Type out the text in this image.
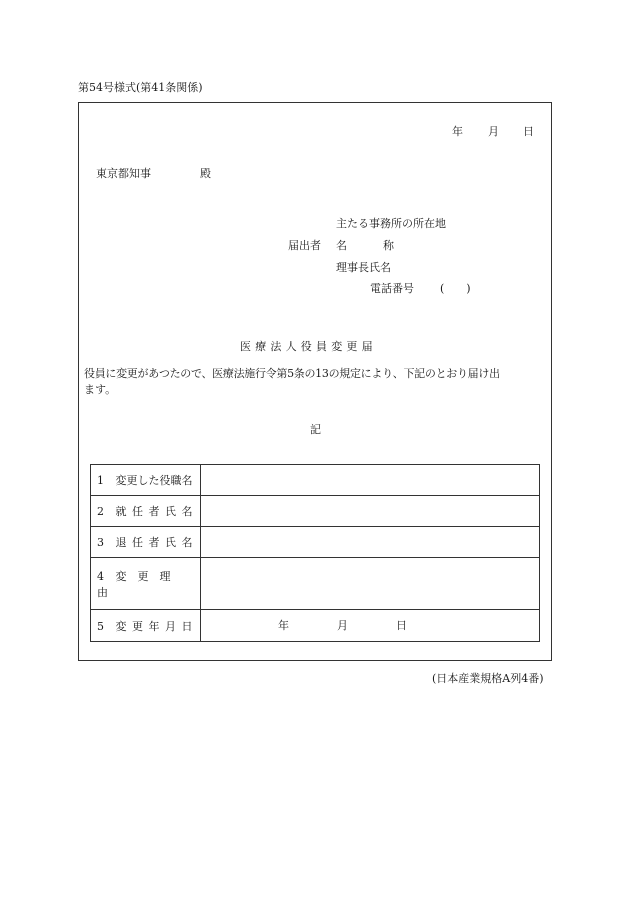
第54号様式(第41条関係)
年 月 日
東京都知事	殿
主たる事務所の所在地
届出者 名	称
理事長氏名
電話番号 (　　)
医療法人役員変更届
役員に変更があつたので、医療法施行令第5条の13の規定により、下記のとおり届け出
ます。
記
1 変更した役職名	
2 就任者氏名	
3 退任者氏名	
4 変更理由	
5 変更年月日	年 月 日
(日本産業規格A列4番)
